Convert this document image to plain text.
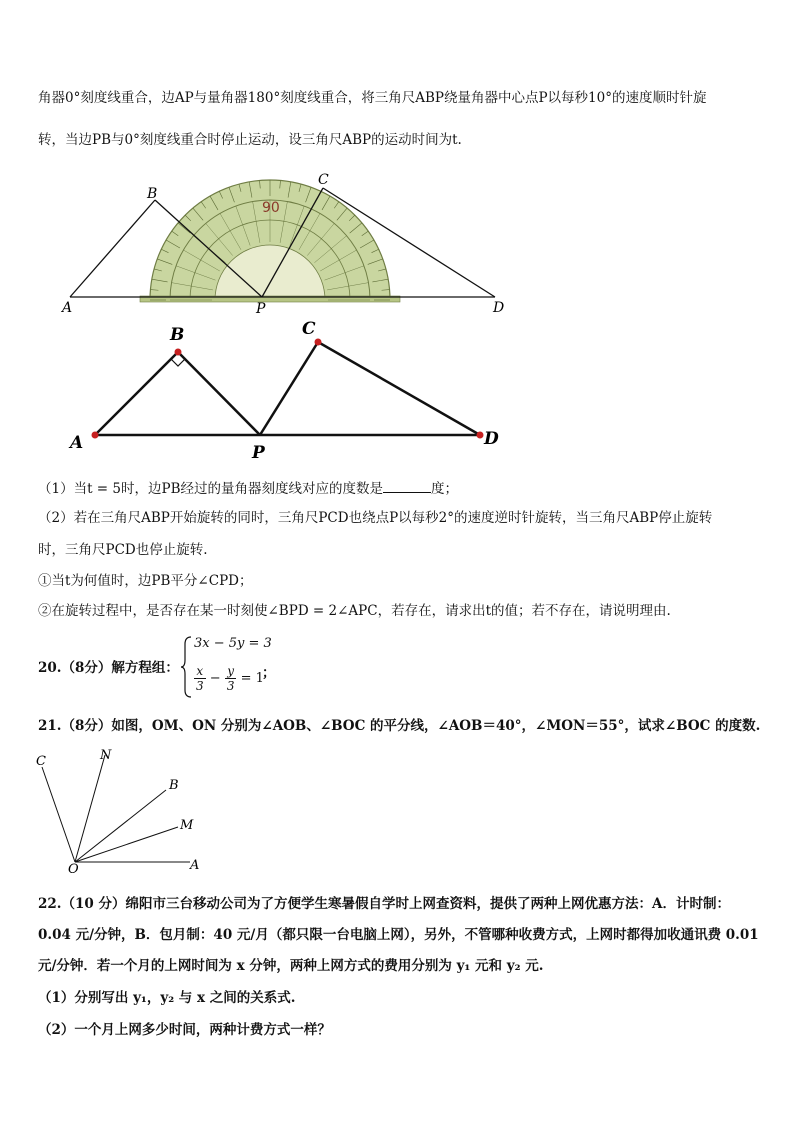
角器0°刻度线重合，边AP与量角器180°刻度线重合，将三角尺ABP绕量角器中心点P以每秒10°的速度顺时针旋
转，当边PB与0°刻度线重合时停止运动，设三角尺ABP的运动时间为t.
90
A
B
C
D
P
A
B	C
D
P
（1）当t = 5时，边PB经过的量角器刻度线对应的度数是	度；
（2）若在三角尺ABP开始旋转的同时，三角尺PCD也绕点P以每秒2°的速度逆时针旋转，当三角尺ABP停止旋转
时，三角尺PCD也停止旋转.
①当t为何值时，边PB平分∠CPD；
②在旋转过程中，是否存在某一时刻使∠BPD = 2∠APC，若存在，请求出t的值；若不存在，请说明理由.
20.（8分）解方程组：
3x − 5y = 3
$\frac{x}{3} - \frac{y}{3} = 1$
；
21.（8分）如图，OM、ON 分别为∠AOB、∠BOC 的平分线，∠AOB＝40°，∠MON＝55°，试求∠BOC 的度数.
C	N
B
M
O	A
22.（10 分）绵阳市三台移动公司为了方便学生寒暑假自学时上网查资料，提供了两种上网优惠方法：A．计时制：
0.04 元/分钟，B．包月制：40 元/月（都只限一台电脑上网），另外，不管哪种收费方式，上网时都得加收通讯费 0.01
元/分钟．若一个月的上网时间为 x 分钟，两种上网方式的费用分别为 y₁ 元和 y₂ 元.
（1）分别写出 y₁，y₂ 与 x 之间的关系式.
（2）一个月上网多少时间，两种计费方式一样？
